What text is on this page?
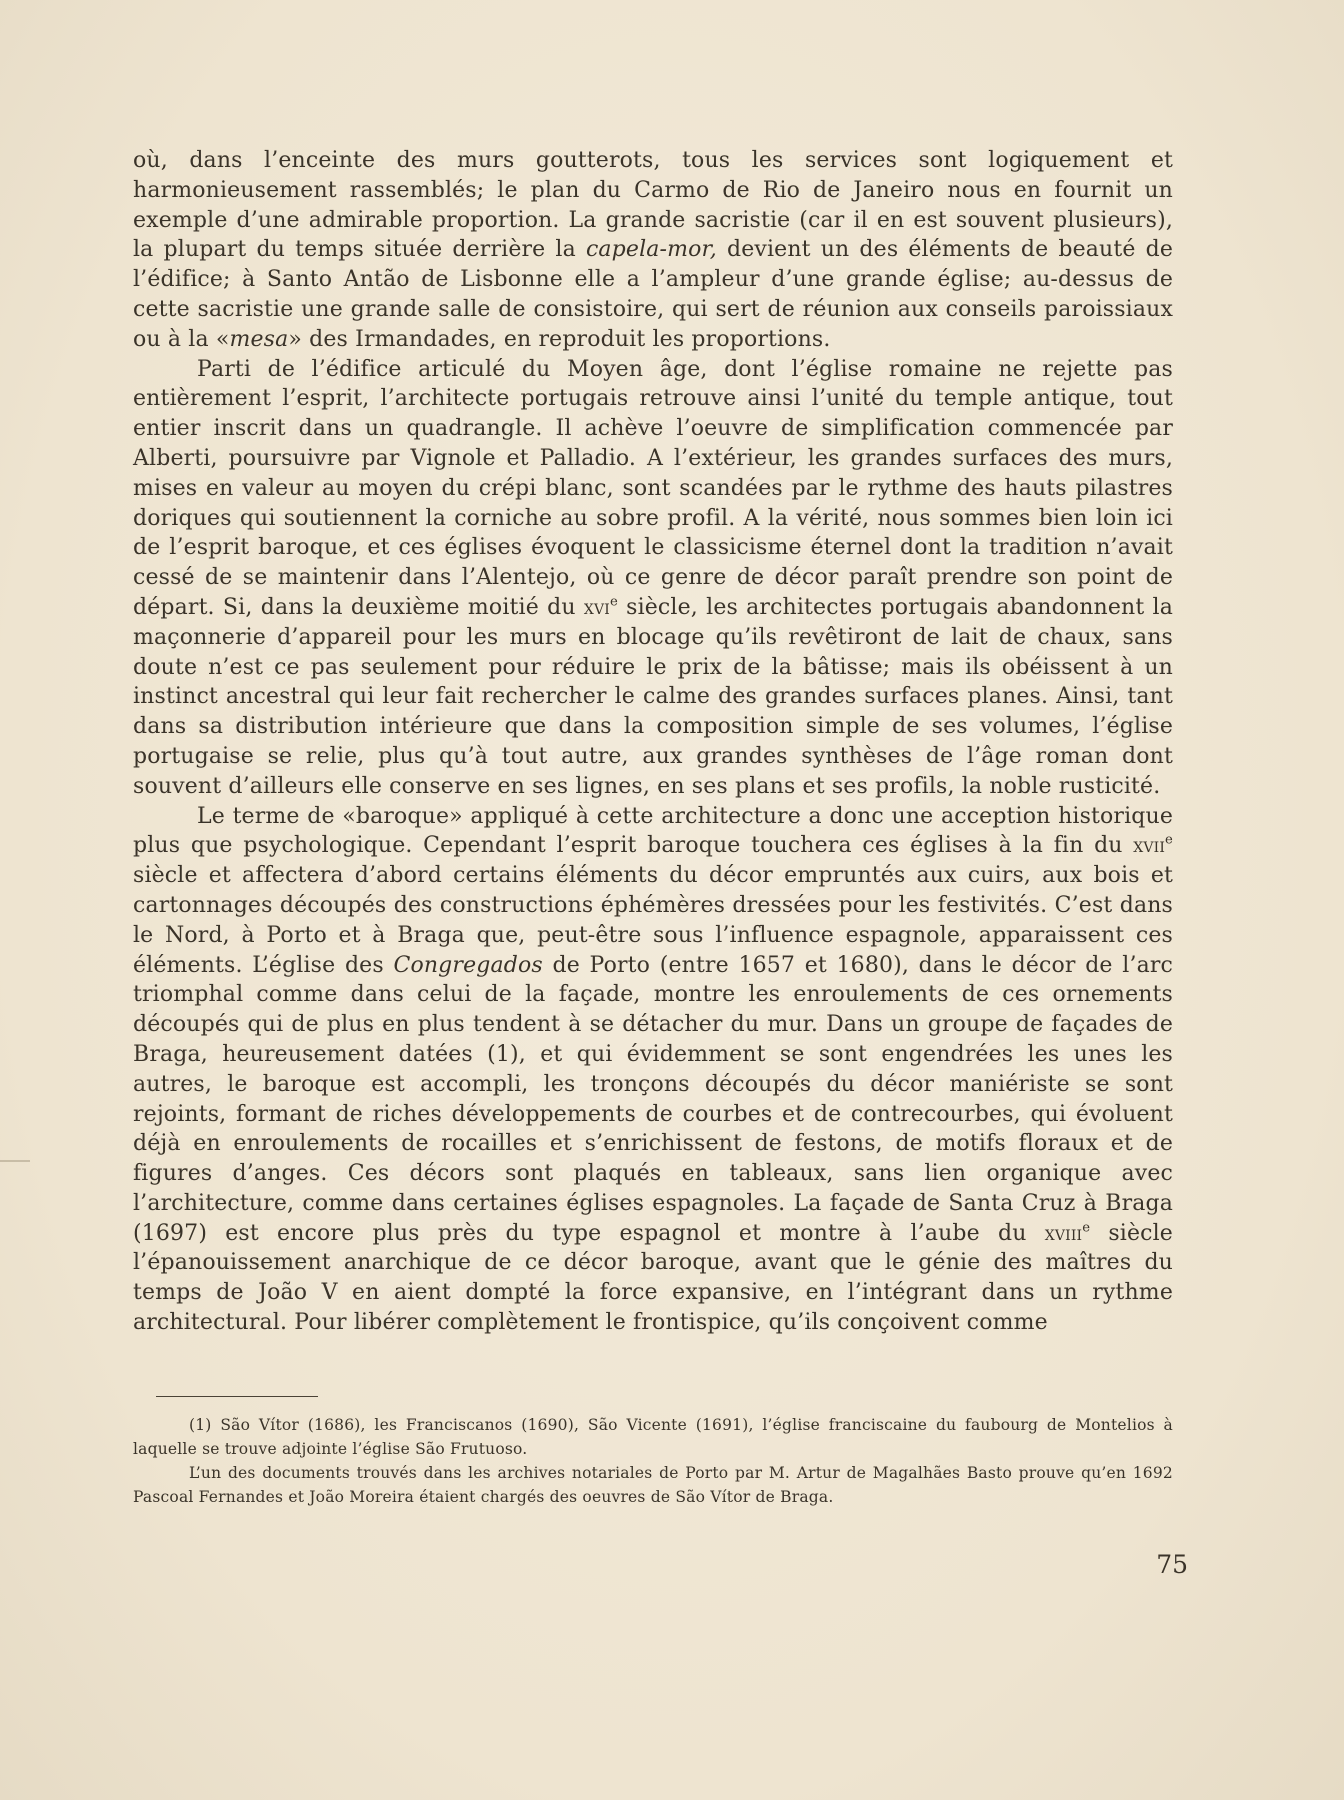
où, dans l’enceinte des murs goutterots, tous les services sont logiquement et harmonieusement rassemblés; le plan du Carmo de Rio de Janeiro nous en fournit un exemple d’une admirable proportion. La grande sacristie (car il en est souvent plusieurs), la plupart du temps située derrière la capela-mor, devient un des éléments de beauté de l’édifice; à Santo Antão de Lisbonne elle a l’ampleur d’une grande église; au-dessus de cette sacristie une grande salle de consistoire, qui sert de réunion aux conseils paroissiaux ou à la «mesa» des Irmandades, en reproduit les proportions.

Parti de l’édifice articulé du Moyen âge, dont l’église romaine ne rejette pas entièrement l’esprit, l’architecte portugais retrouve ainsi l’unité du temple antique, tout entier inscrit dans un quadrangle. Il achève l’oeuvre de simplification commencée par Alberti, poursuivre par Vignole et Palladio. A l’extérieur, les grandes surfaces des murs, mises en valeur au moyen du crépi blanc, sont scandées par le rythme des hauts pilastres doriques qui soutiennent la corniche au sobre profil. A la vérité, nous sommes bien loin ici de l’esprit baroque, et ces églises évoquent le classicisme éternel dont la tradition n’avait cessé de se maintenir dans l’Alentejo, où ce genre de décor paraît prendre son point de départ. Si, dans la deuxième moitié du xvi$^e$ siècle, les architectes portugais abandonnent la maçonnerie d’appareil pour les murs en blocage qu’ils revêtiront de lait de chaux, sans doute n’est ce pas seulement pour réduire le prix de la bâtisse; mais ils obéissent à un instinct ancestral qui leur fait rechercher le calme des grandes surfaces planes. Ainsi, tant dans sa distribution intérieure que dans la composition simple de ses volumes, l’église portugaise se relie, plus qu’à tout autre, aux grandes synthèses de l’âge roman dont souvent d’ailleurs elle conserve en ses lignes, en ses plans et ses profils, la noble rusticité.

Le terme de «baroque» appliqué à cette architecture a donc une acception historique plus que psychologique. Cependant l’esprit baroque touchera ces églises à la fin du xvii$^e$ siècle et affectera d’abord certains éléments du décor empruntés aux cuirs, aux bois et cartonnages découpés des constructions éphémères dressées pour les festivités. C’est dans le Nord, à Porto et à Braga que, peut-être sous l’influence espagnole, apparaissent ces éléments. L’église des Congregados de Porto (entre 1657 et 1680), dans le décor de l’arc triomphal comme dans celui de la façade, montre les enroulements de ces ornements découpés qui de plus en plus tendent à se détacher du mur. Dans un groupe de façades de Braga, heureusement datées (1), et qui évidemment se sont engendrées les unes les autres, le baroque est accompli, les tronçons découpés du décor maniériste se sont rejoints, formant de riches développements de courbes et de contrecourbes, qui évoluent déjà en enroulements de rocailles et s’enrichissent de festons, de motifs floraux et de figures d’anges. Ces décors sont plaqués en tableaux, sans lien organique avec l’architecture, comme dans certaines églises espagnoles. La façade de Santa Cruz à Braga (1697) est encore plus près du type espagnol et montre à l’aube du xviii$^e$ siècle l’épanouissement anarchique de ce décor baroque, avant que le génie des maîtres du temps de João V en aient dompté la force expansive, en l’intégrant dans un rythme architectural. Pour libérer complètement le frontispice, qu’ils conçoivent comme

(1) São Vítor (1686), les Franciscanos (1690), São Vicente (1691), l’église franciscaine du faubourg de Montelios à laquelle se trouve adjointe l’église São Frutuoso.

L’un des documents trouvés dans les archives notariales de Porto par M. Artur de Magalhães Basto prouve qu’en 1692 Pascoal Fernandes et João Moreira étaient chargés des oeuvres de São Vítor de Braga.

75
